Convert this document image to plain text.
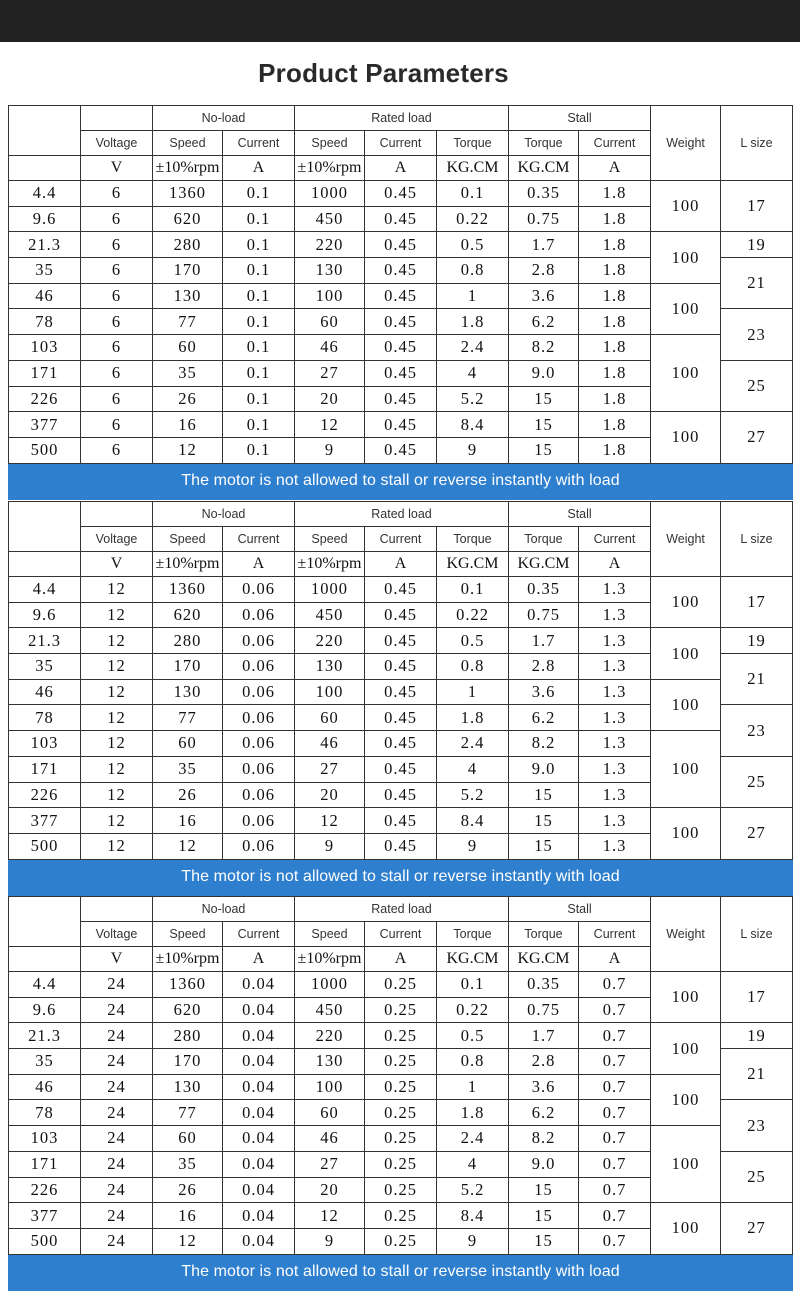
Product Parameters
		No-load		Rated load			Stall		Weight	L size
	Voltage	Speed	Current	Speed	Current	Torque	Torque	Current		
	V	±10%rpm	A	±10%rpm	A	KG.CM	KG.CM	A		
4.4	6	1360	0.1	1000	0.45	0.1	0.35	1.8	100	17
9.6	6	620	0.1	450	0.45	0.22	0.75	1.8		
21.3	6	280	0.1	220	0.45	0.5	1.7	1.8	100	19
35	6	170	0.1	130	0.45	0.8	2.8	1.8		21
46	6	130	0.1	100	0.45	1	3.6	1.8	100	
78	6	77	0.1	60	0.45	1.8	6.2	1.8		23
103	6	60	0.1	46	0.45	2.4	8.2	1.8	100	
171	6	35	0.1	27	0.45	4	9.0	1.8		25
226	6	26	0.1	20	0.45	5.2	15	1.8		
377	6	16	0.1	12	0.45	8.4	15	1.8	100	27
500	6	12	0.1	9	0.45	9	15	1.8		
The motor is not allowed to stall or reverse instantly with load										
		No-load		Rated load			Stall		Weight	L size
	Voltage	Speed	Current	Speed	Current	Torque	Torque	Current		
	V	±10%rpm	A	±10%rpm	A	KG.CM	KG.CM	A		
4.4	12	1360	0.06	1000	0.45	0.1	0.35	1.3	100	17
9.6	12	620	0.06	450	0.45	0.22	0.75	1.3		
21.3	12	280	0.06	220	0.45	0.5	1.7	1.3	100	19
35	12	170	0.06	130	0.45	0.8	2.8	1.3		21
46	12	130	0.06	100	0.45	1	3.6	1.3	100	
78	12	77	0.06	60	0.45	1.8	6.2	1.3		23
103	12	60	0.06	46	0.45	2.4	8.2	1.3	100	
171	12	35	0.06	27	0.45	4	9.0	1.3		25
226	12	26	0.06	20	0.45	5.2	15	1.3		
377	12	16	0.06	12	0.45	8.4	15	1.3	100	27
500	12	12	0.06	9	0.45	9	15	1.3		
The motor is not allowed to stall or reverse instantly with load										
		No-load		Rated load			Stall		Weight	L size
	Voltage	Speed	Current	Speed	Current	Torque	Torque	Current		
	V	±10%rpm	A	±10%rpm	A	KG.CM	KG.CM	A		
4.4	24	1360	0.04	1000	0.25	0.1	0.35	0.7	100	17
9.6	24	620	0.04	450	0.25	0.22	0.75	0.7		
21.3	24	280	0.04	220	0.25	0.5	1.7	0.7	100	19
35	24	170	0.04	130	0.25	0.8	2.8	0.7		21
46	24	130	0.04	100	0.25	1	3.6	0.7	100	
78	24	77	0.04	60	0.25	1.8	6.2	0.7		23
103	24	60	0.04	46	0.25	2.4	8.2	0.7	100	
171	24	35	0.04	27	0.25	4	9.0	0.7		25
226	24	26	0.04	20	0.25	5.2	15	0.7		
377	24	16	0.04	12	0.25	8.4	15	0.7	100	27
500	24	12	0.04	9	0.25	9	15	0.7		
The motor is not allowed to stall or reverse instantly with load										
